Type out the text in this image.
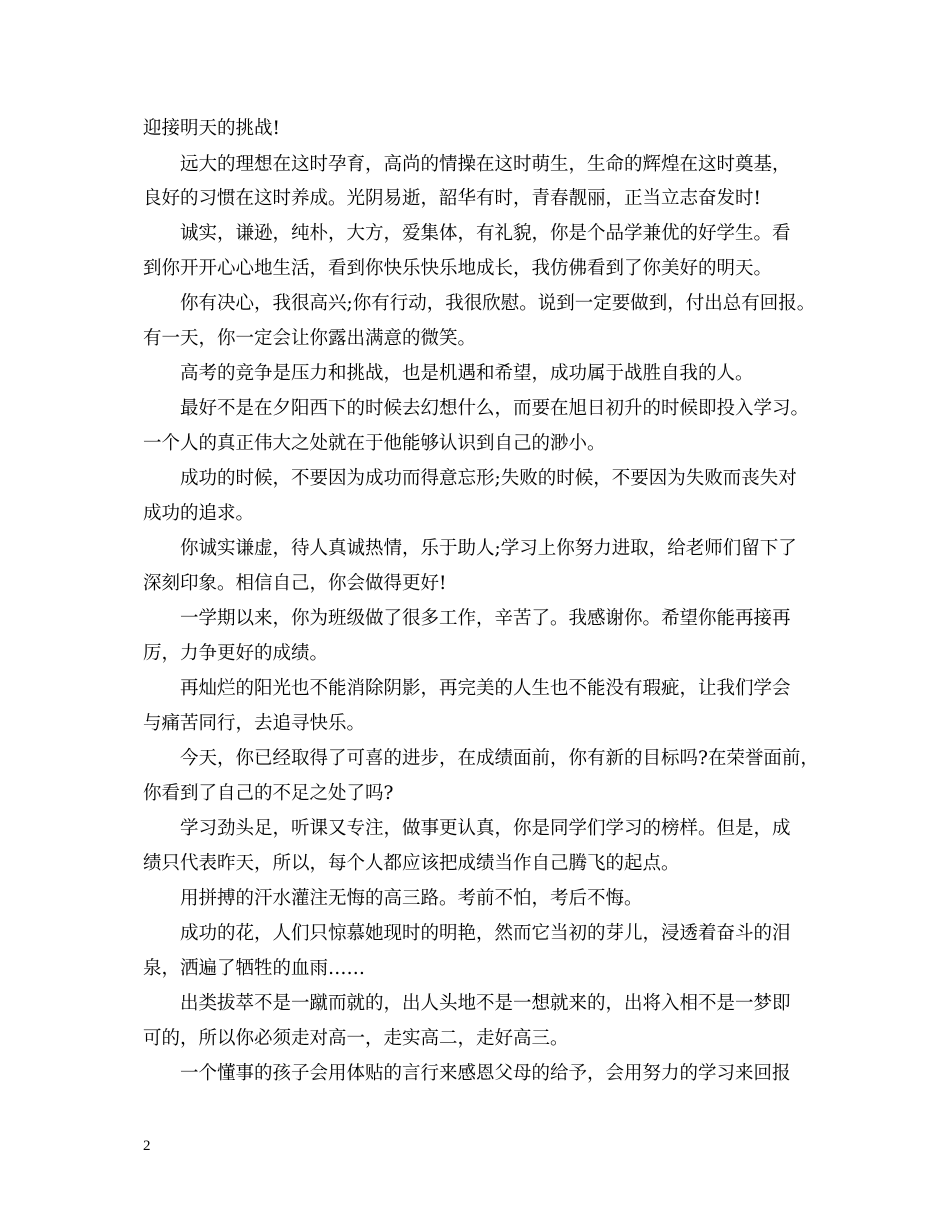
迎接明天的挑战!
远大的理想在这时孕育，高尚的情操在这时萌生，生命的辉煌在这时奠基，
良好的习惯在这时养成。光阴易逝，韶华有时，青春靓丽，正当立志奋发时!
诚实，谦逊，纯朴，大方，爱集体，有礼貌，你是个品学兼优的好学生。看
到你开开心心地生活，看到你快乐快乐地成长，我仿佛看到了你美好的明天。
你有决心，我很高兴;你有行动，我很欣慰。说到一定要做到，付出总有回报。
有一天，你一定会让你露出满意的微笑。
高考的竞争是压力和挑战，也是机遇和希望，成功属于战胜自我的人。
最好不是在夕阳西下的时候去幻想什么，而要在旭日初升的时候即投入学习。
一个人的真正伟大之处就在于他能够认识到自己的渺小。
成功的时候，不要因为成功而得意忘形;失败的时候，不要因为失败而丧失对
成功的追求。
你诚实谦虚，待人真诚热情，乐于助人;学习上你努力进取，给老师们留下了
深刻印象。相信自己，你会做得更好!
一学期以来，你为班级做了很多工作，辛苦了。我感谢你。希望你能再接再
厉，力争更好的成绩。
再灿烂的阳光也不能消除阴影，再完美的人生也不能没有瑕疵，让我们学会
与痛苦同行，去追寻快乐。
今天，你已经取得了可喜的进步，在成绩面前，你有新的目标吗?在荣誉面前，
你看到了自己的不足之处了吗?
学习劲头足，听课又专注，做事更认真，你是同学们学习的榜样。但是，成
绩只代表昨天，所以，每个人都应该把成绩当作自己腾飞的起点。
用拼搏的汗水灌注无悔的高三路。考前不怕，考后不悔。
成功的花，人们只惊慕她现时的明艳，然而它当初的芽儿，浸透着奋斗的泪
泉，洒遍了牺牲的血雨……
出类拔萃不是一蹴而就的，出人头地不是一想就来的，出将入相不是一梦即
可的，所以你必须走对高一，走实高二，走好高三。
一个懂事的孩子会用体贴的言行来感恩父母的给予，会用努力的学习来回报
2
